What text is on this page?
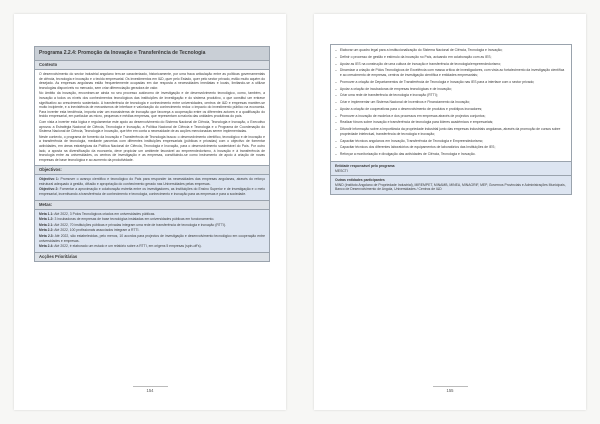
Programa 2.2.4: Promoção da Inovação e Transferência de Tecnologia
Contexto

O desenvolvimento do sector industrial angolano tem-se caracterizado, historicamente, por uma fraca articulação entre as políticas governamentais de ciência, tecnologia e inovação e o tecido empresarial. Os investimentos em I&D, quer pelo Estado, quer pelo sector privado, estão muito aquém do desejado. As empresas angolanas estão frequentemente ocupadas em dar resposta a necessidades imediatas e locais, limitando-se a utilizar tecnologias disponíveis no mercado, sem criar diferenciação geradora de valor.

No âmbito da inovação, encontram-se ainda no seu processo autónomo de investigação e de desenvolvimento tecnológico, como, também, a inovação a todos os níveis dos conhecimentos tecnológicos das instituições de investigação e do sistema produtivo, o que constitui um entrave significativo ao crescimento sustentado. A transferência de tecnologia e conhecimento entre universidades, centros de I&D e empresas mantém-se muito incipiente, e a inexistência de mecanismos de interface e valorização do conhecimento reduz o impacto do investimento público na economia. Para inverter esta tendência, importa criar um ecossistema de inovação que favoreça a cooperação entre os diferentes actores e a qualificação do tecido empresarial, em particular as micro, pequenas e médias empresas, que representam a maioria das unidades produtivas do país.

Com vista a inverter esta lógica e regulamentar este apoio ao desenvolvimento do Sistema Nacional de Ciência, Tecnologia e Inovação, o Executivo aprovou a Estratégia Nacional de Ciência, Tecnologia e Inovação, a Política Nacional de Ciência e Tecnologia e o Programa de Coordenação do Sistema Nacional de Ciência, Tecnologia e Inovação, que têm em conta a necessidade de as acções mencionadas serem implementadas.

Neste contexto, o programa de fomento da Inovação e Transferência de Tecnologia busca: o desenvolvimento científico, tecnológico e de inovação e a transferência de tecnologia, mediante parcerias com diferentes instituições empresariais (públicas e privadas) com o objectivo de fomentar actividades, em áreas estratégicas da Política Nacional de Ciência, Tecnologia e Inovação, para o desenvolvimento sustentável do País. Por outro lado, a aposta na diversificação da economia, deve propiciar um ambiente favorável ao empreendedorismo, à inovação e à transferência de tecnologia entre as universidades, os centros de investigação e as empresas, constituindo-se como instrumento de apoio à criação de novas empresas de base tecnológica e ao aumento da produtividade.

Objectivos:

Objectivo 1: Promover o avanço científico e tecnológico do País para responder às necessidades das empresas angolanas, através do reforço estrutural adequado à gestão, difusão e apropriação do conhecimento gerado nas Universidades pelas empresas.

Objectivo 2: Fomentar a aproximação e colaboração estreita entre os investigadores, as Instituições do Ensino Superior e de investigação e o meio empresarial, incentivando a transferência de conhecimento e tecnologia, conhecimento e inovação para as empresas e para a sociedade.

Metas:

Meta 1.1: Até 2022, 3 Polos Tecnológicos criados em universidades públicas.

Meta 1.2: 3 incubadoras de empresas de base tecnológica instaladas em universidades públicas em funcionamento.

Meta 2.1: Até 2022, 70 instituições públicas e privadas integram uma rede de transferência de tecnologia e inovação (RTTI).

Meta 2.2: Até 2022, 100 profissionais associados integram a RTTI.

Meta 2.3: Até 2022, são estabelecidas, pelo menos, 10 acordos para projectos de investigação e desenvolvimento tecnológico em cooperação entre universidades e empresas.

Meta 2.4: Até 2022, é elaborado um estudo e um relatório sobre a RTTI, em origens 5 empresas (spin-off's).

Acções Prioritárias
154
– Elaborar um quadro legal para a institucionalização do Sistema Nacional de Ciência, Tecnologia e Inovação;
– Definir o processo de gestão e estímulo da inovação no País, actuando em colaboração com as IES;
– Apoiar as IES na construção de uma cultura de inovação e transferência de tecnologia/empreendedorismo;
– Dinamizar a criação de Pólos Tecnológicos de Excelência com massa crítica de investigadores, com vista ao fortalecimento da investigação científica e ao crescimento de empresas, centros de investigação científica e entidades empresariais;
– Promover a criação de Departamentos de Transferência de Tecnologia e Inovação nas IES para a interface com o sector privado;
– Apoiar a criação de incubadoras de empresas tecnológicas e de inovação;
– Criar uma rede de transferência de tecnologia e inovação (RTTI);
– Criar e implementar um Sistema Nacional de Incentivos e Financiamento da Inovação;
– Apoiar a criação de cooperativas para o desenvolvimento de produtos e protótipos inovadores;
– Promover a inovação de modelos e dos processos em empresas através de projectos conjuntos;
– Realizar fóruns sobre inovação e transferência de tecnologia para líderes académicos e empresariais;
– Difundir informação sobre a importância da propriedade industrial junto das empresas industriais angolanas, através da promoção de cursos sobre propriedade intelectual, transferência de tecnologia e inovação;
– Capacitar técnicos angolanos em Inovação, Transferência de Tecnologia e Empreendedorismo;
– Capacitar técnicos dos diferentes laboratórios de equipamentos de laboratórios das Instituições de IES;
– Reforçar a monitorização e divulgação das actividades de Ciência, Tecnologia e Inovação.
Entidade responsável pelo programa
MESCTI
Outras entidades participantes
MIND (Instituto Angolano de Propriedade Industrial), MIREMPET, MINAMB, MINEA, MINAGRIF, MEP, Governos Provinciais e Administrações Municipais, Banco de Desenvolvimento de Angola, Universidades / Centros de I&D
155
